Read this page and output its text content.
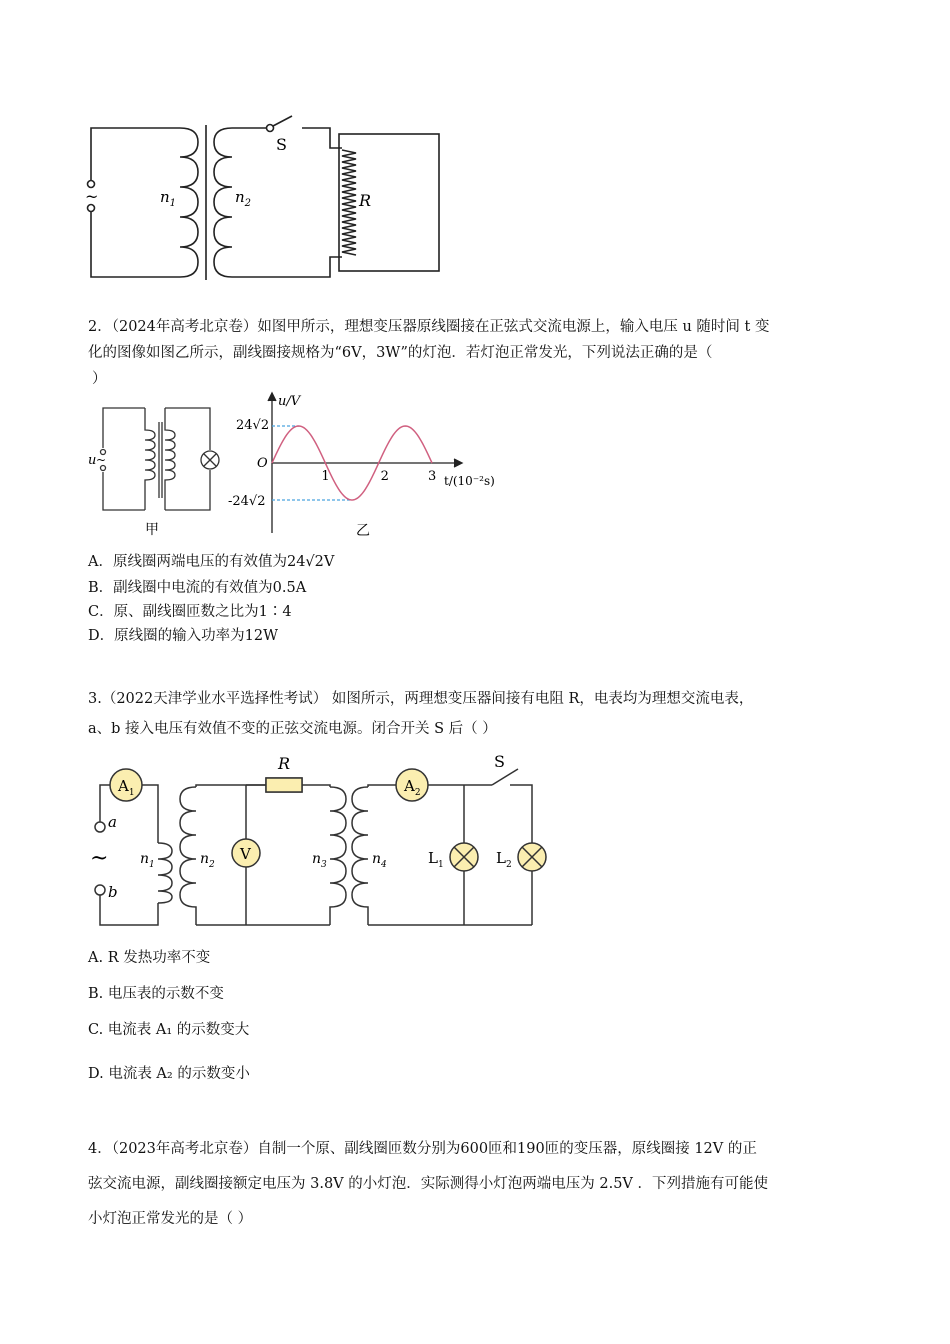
~	$n_1$	$n_2$
S
R
2．（2024年高考北京卷）如图甲所示，理想变压器原线圈接在正弦式交流电源上，输入电压 u 随时间 t 变
化的图像如图乙所示，副线圈接规格为“6V，3W”的灯泡．若灯泡正常发光，下列说法正确的是（
）
u ~
甲
1	2	3
u/V
24√2
-24√2
O
t/(10⁻²s)
乙
A．原线圈两端电压的有效值为24√2V
B．副线圈中电流的有效值为0.5A
C．原、副线圈匝数之比为1∶4
D．原线圈的输入功率为12W
3.（2022天津学业水平选择性考试） 如图所示，两理想变压器间接有电阻 R，电表均为理想交流电表，
a、b 接入电压有效值不变的正弦交流电源。闭合开关 S 后（ ）
$A_1$
V
$A_2$
R	S
a
b
~ $n_1$	$n_2$	$n_3$	$n_4$	$L_1$	$L_2$
A. R 发热功率不变
B. 电压表的示数不变
C. 电流表 A₁ 的示数变大
D. 电流表 A₂ 的示数变小
4．（2023年高考北京卷）自制一个原、副线圈匝数分别为600匝和190匝的变压器，原线圈接 12V 的正
弦交流电源，副线圈接额定电压为 3.8V 的小灯泡．实际测得小灯泡两端电压为 2.5V ．下列措施有可能使
小灯泡正常发光的是（ ）
